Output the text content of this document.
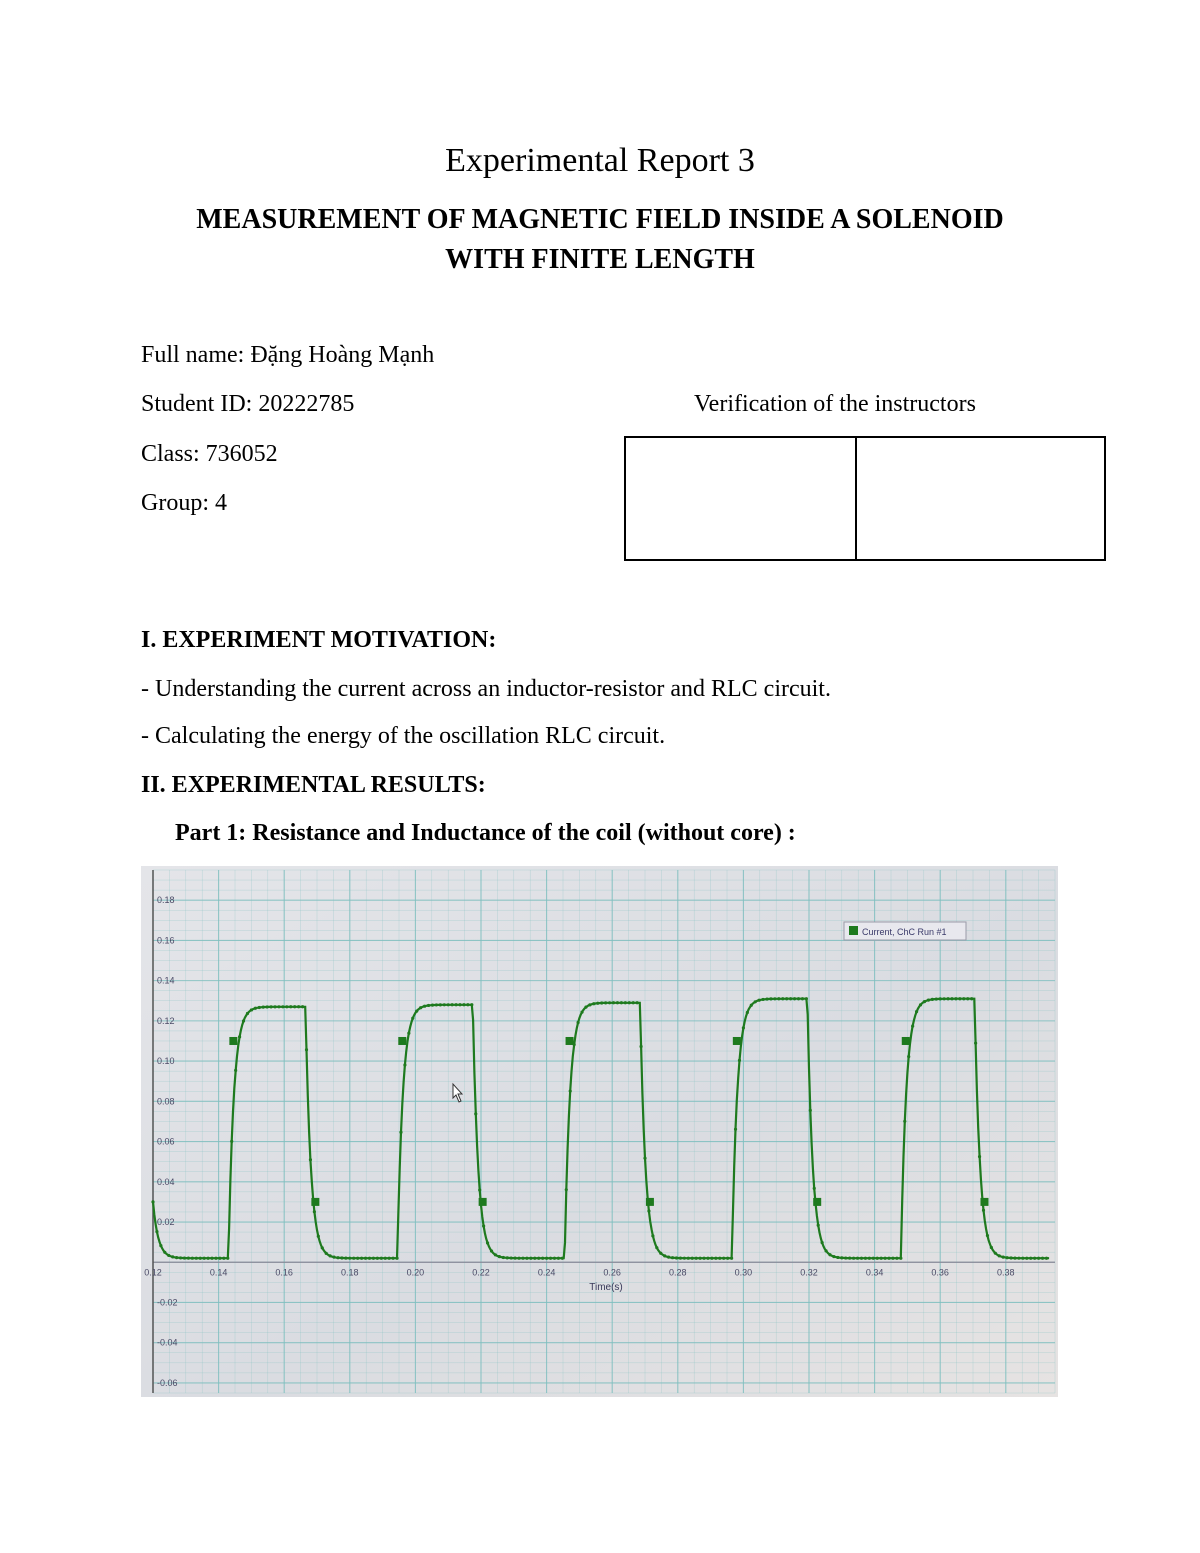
Experimental Report 3
MEASUREMENT OF MAGNETIC FIELD INSIDE A SOLENOID
WITH FINITE LENGTH
Full name: Đặng Hoàng Mạnh
Student ID: 20222785
Class: 736052
Group: 4
Verification of the instructors
I. EXPERIMENT MOTIVATION:
- Understanding the current across an inductor-resistor and RLC circuit.
- Calculating the energy of the oscillation RLC circuit.
II. EXPERIMENTAL RESULTS:
Part 1: Resistance and Inductance of the coil (without core) :
0.18
0.16
0.14
0.12
0.10
0.08
0.06
0.04
0.02
-0.02
-0.04
-0.06
0.12	0.14	0.16	0.18	0.20	0.22	0.24	0.26	0.28	0.30	0.32	0.34	0.36	0.38
Time(s)
Current, ChC Run #1
